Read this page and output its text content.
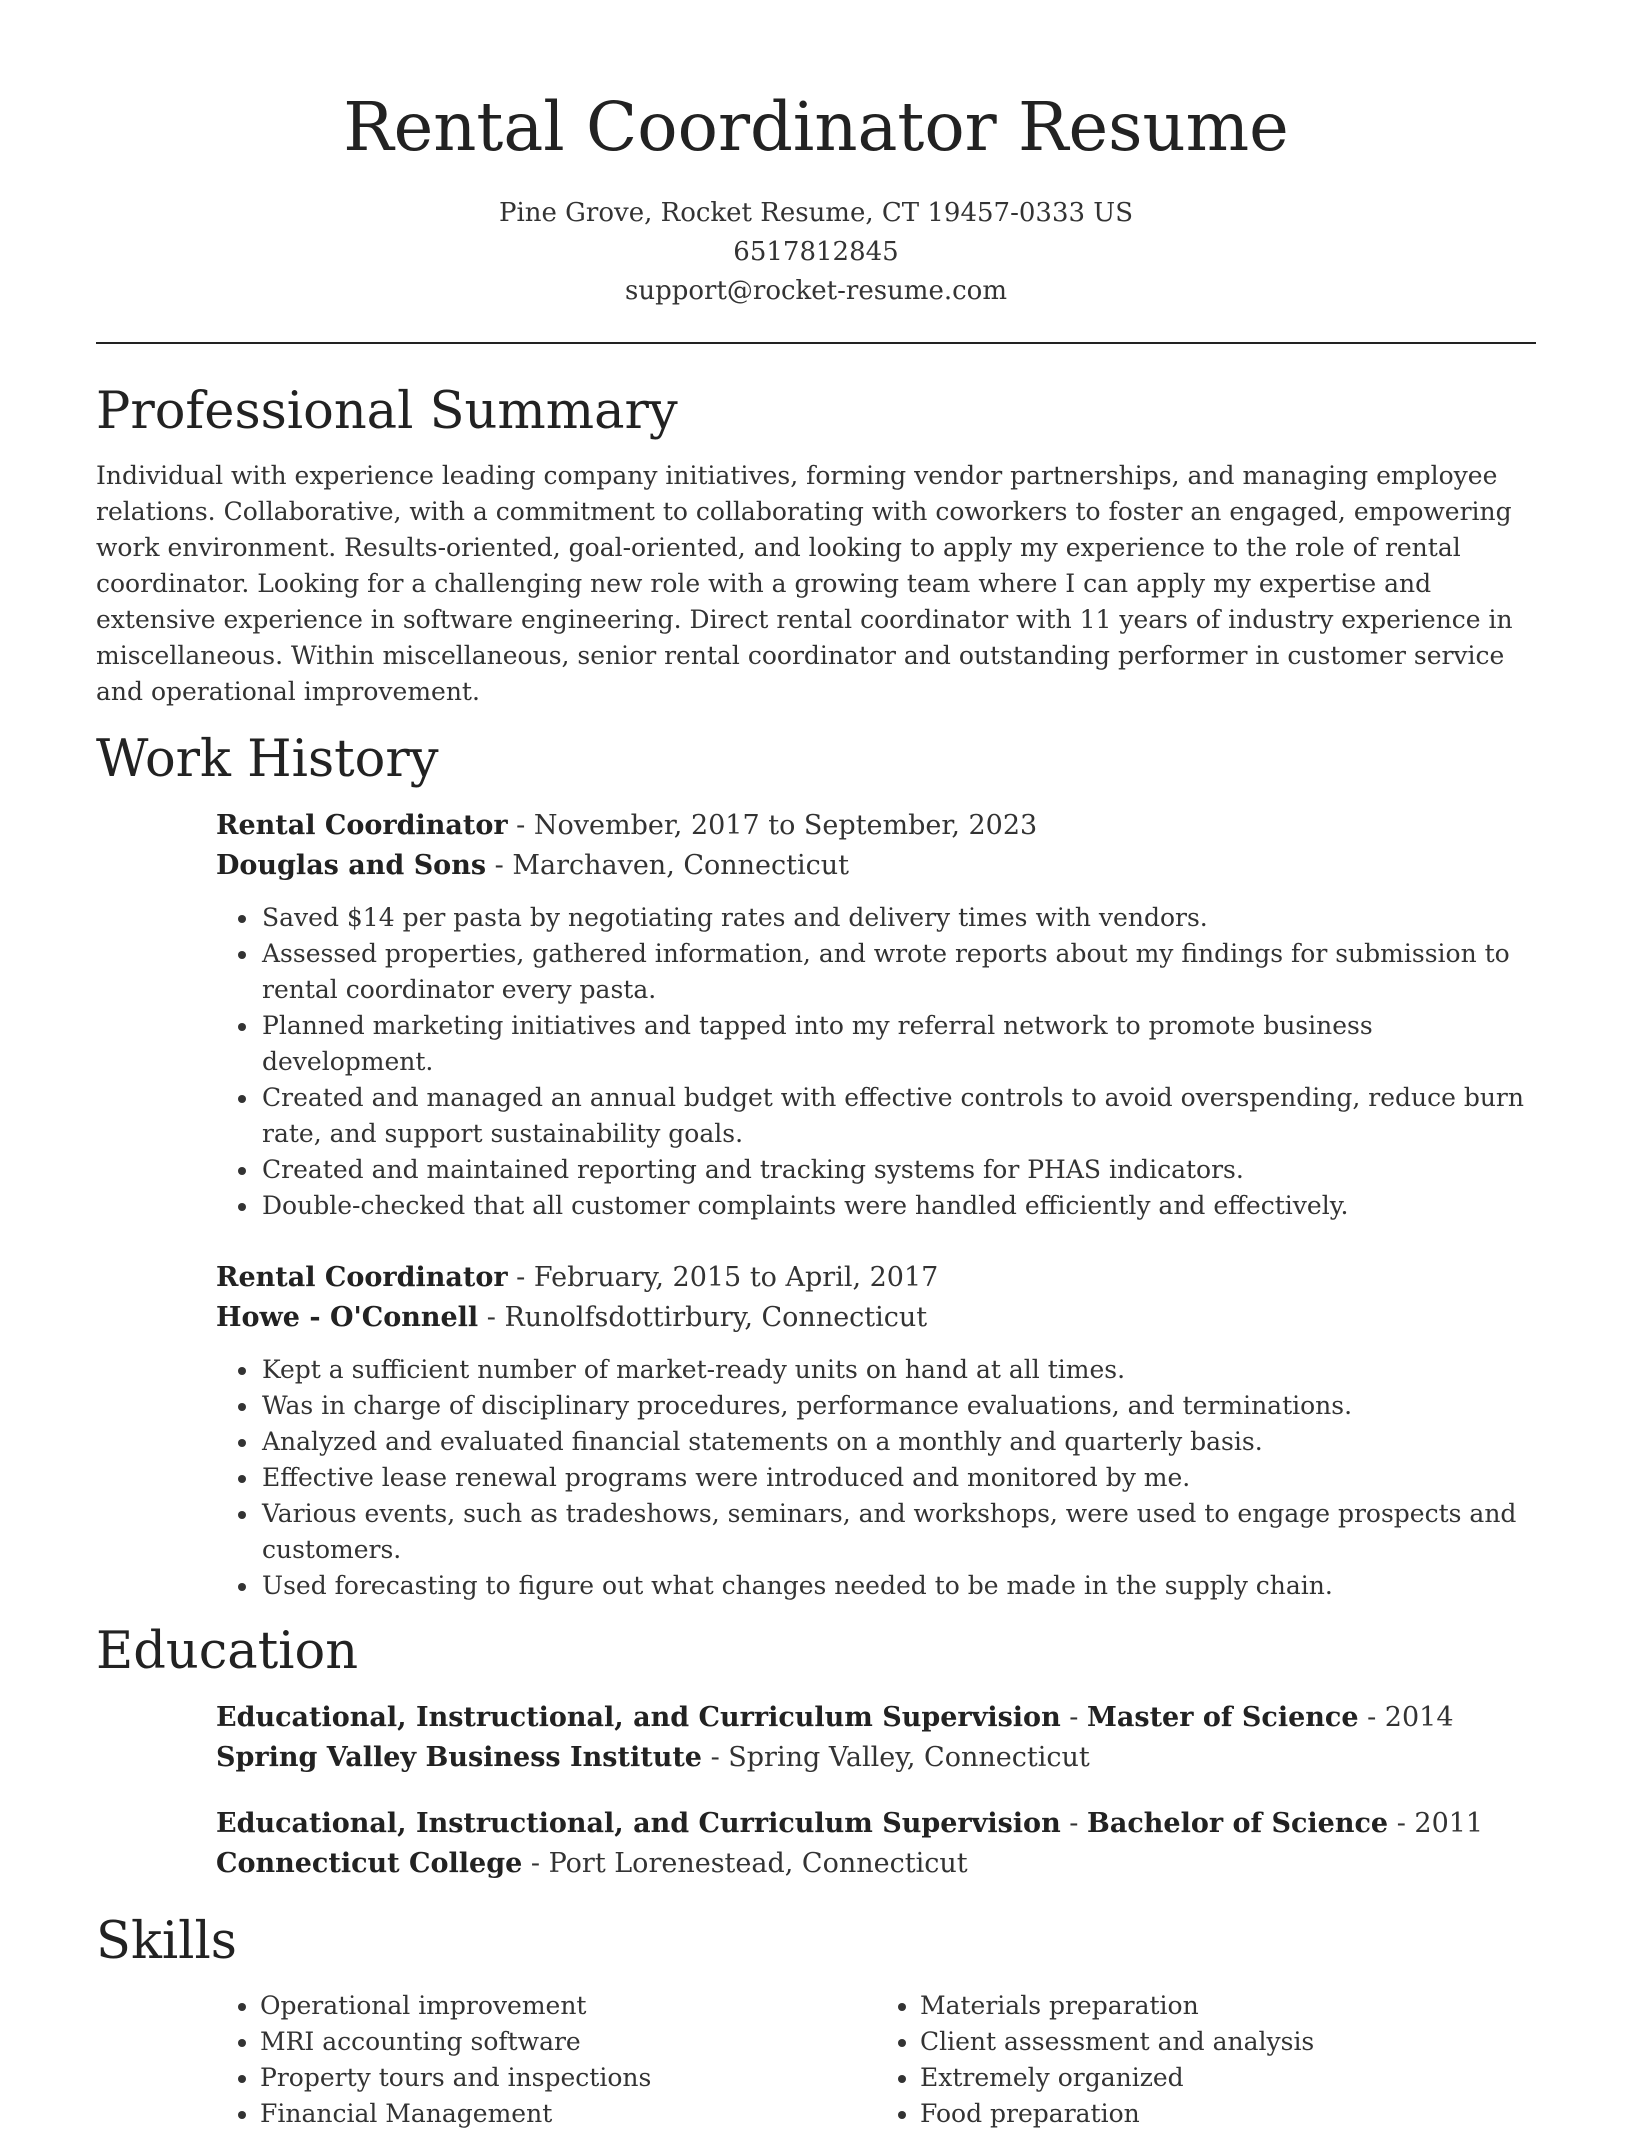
Rental Coordinator Resume
Pine Grove, Rocket Resume, CT 19457-0333 US
6517812845
support@rocket-resume.com
Professional Summary

Individual with experience leading company initiatives, forming vendor partnerships, and managing employee relations. Collaborative, with a commitment to collaborating with coworkers to foster an engaged, empowering work environment. Results-oriented, goal-oriented, and looking to apply my experience to the role of rental coordinator. Looking for a challenging new role with a growing team where I can apply my expertise and extensive experience in software engineering. Direct rental coordinator with 11 years of industry experience in miscellaneous. Within miscellaneous, senior rental coordinator and outstanding performer in customer service and operational improvement.

Work History
Rental Coordinator - November, 2017 to September, 2023
Douglas and Sons - Marchaven, Connecticut
• Saved $14 per pasta by negotiating rates and delivery times with vendors.
• Assessed properties, gathered information, and wrote reports about my findings for submission to rental coordinator every pasta.
• Planned marketing initiatives and tapped into my referral network to promote business development.
• Created and managed an annual budget with effective controls to avoid overspending, reduce burn rate, and support sustainability goals.
• Created and maintained reporting and tracking systems for PHAS indicators.
• Double-checked that all customer complaints were handled efficiently and effectively.
Rental Coordinator - February, 2015 to April, 2017
Howe - O'Connell - Runolfsdottirbury, Connecticut
• Kept a sufficient number of market-ready units on hand at all times.
• Was in charge of disciplinary procedures, performance evaluations, and terminations.
• Analyzed and evaluated financial statements on a monthly and quarterly basis.
• Effective lease renewal programs were introduced and monitored by me.
• Various events, such as tradeshows, seminars, and workshops, were used to engage prospects and customers.
• Used forecasting to figure out what changes needed to be made in the supply chain.
Education
Educational, Instructional, and Curriculum Supervision - Master of Science - 2014
Spring Valley Business Institute - Spring Valley, Connecticut
Educational, Instructional, and Curriculum Supervision - Bachelor of Science - 2011
Connecticut College - Port Lorenestead, Connecticut
Skills
• Operational improvement
• MRI accounting software
• Property tours and inspections
• Financial Management
• Materials preparation
• Client assessment and analysis
• Extremely organized
• Food preparation
